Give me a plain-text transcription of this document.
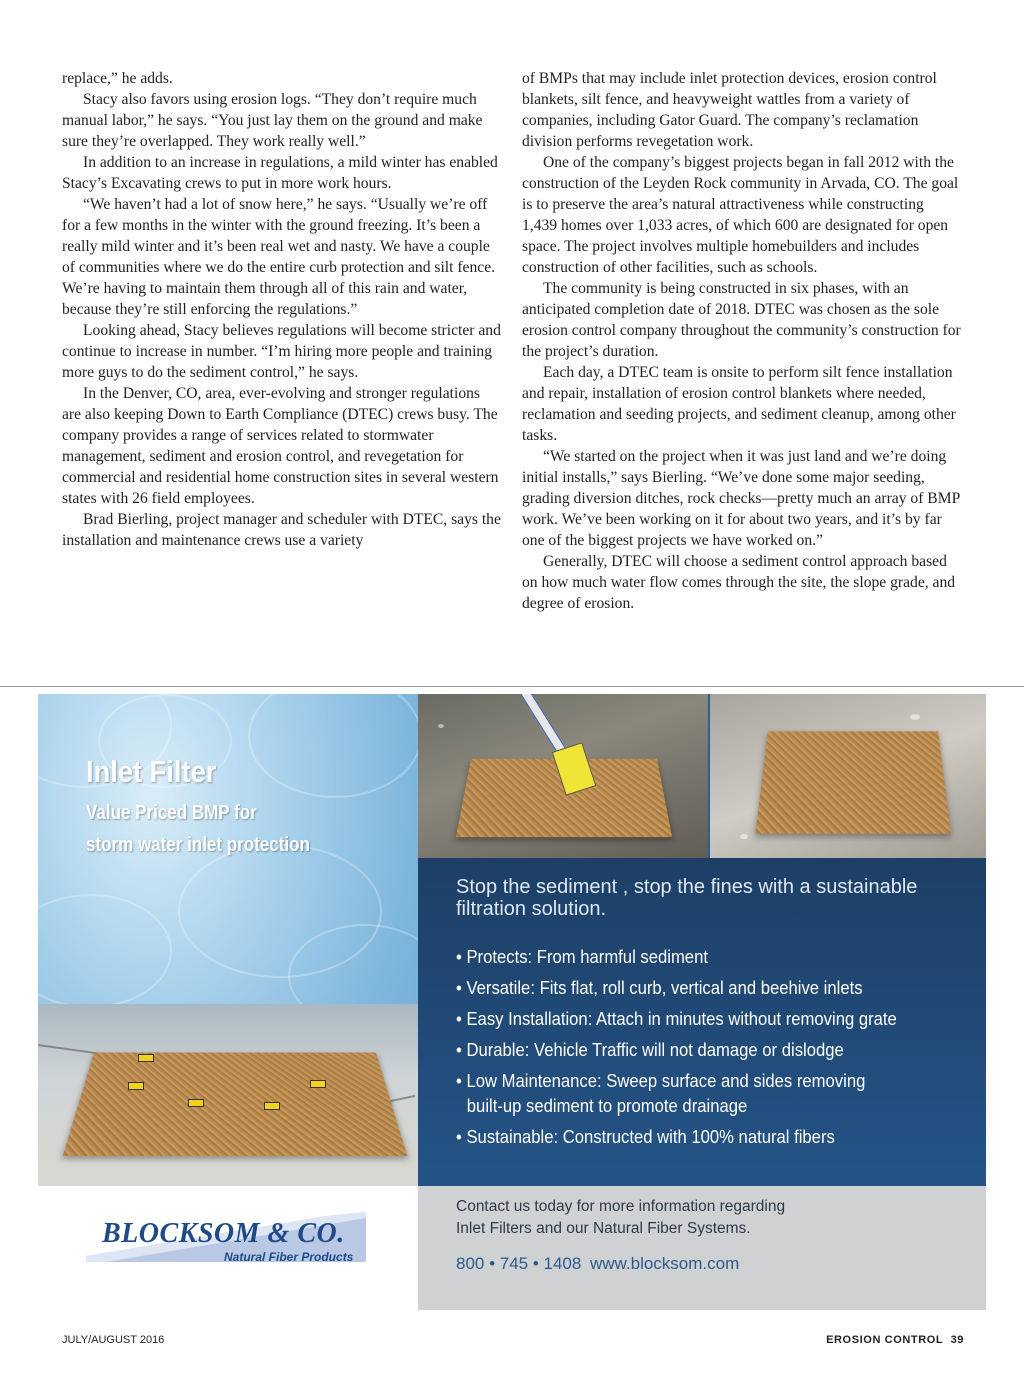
replace,” he adds.

Stacy also favors using erosion logs. “They don’t require much manual labor,” he says. “You just lay them on the ground and make sure they’re overlapped. They work really well.”

In addition to an increase in regulations, a mild winter has enabled Stacy’s Excavating crews to put in more work hours.

“We haven’t had a lot of snow here,” he says. “Usually we’re off for a few months in the winter with the ground freezing. It’s been a really mild winter and it’s been real wet and nasty. We have a couple of communities where we do the entire curb protection and silt fence. We’re having to maintain them through all of this rain and water, because they’re still enforcing the regulations.”

Looking ahead, Stacy believes regulations will become stricter and continue to increase in number. “I’m hiring more people and training more guys to do the sediment control,” he says.

In the Denver, CO, area, ever-evolving and stronger regulations are also keeping Down to Earth Compliance (DTEC) crews busy. The company provides a range of services related to stormwater management, sediment and erosion control, and revegetation for commercial and residential home construction sites in several western states with 26 field employees.

Brad Bierling, project manager and scheduler with DTEC, says the installation and maintenance crews use a variety

of BMPs that may include inlet protection devices, erosion control blankets, silt fence, and heavyweight wattles from a variety of companies, including Gator Guard. The company’s reclamation division performs revegetation work.

One of the company’s biggest projects began in fall 2012 with the construction of the Leyden Rock community in Arvada, CO. The goal is to preserve the area’s natural attractiveness while constructing 1,439 homes over 1,033 acres, of which 600 are designated for open space. The project involves multiple homebuilders and includes construction of other facilities, such as schools.

The community is being constructed in six phases, with an anticipated completion date of 2018. DTEC was chosen as the sole erosion control company throughout the community’s construction for the project’s duration.

Each day, a DTEC team is onsite to perform silt fence installation and repair, installation of erosion control blankets where needed, reclamation and seeding projects, and sediment cleanup, among other tasks.

“We started on the project when it was just land and we’re doing initial installs,” says Bierling. “We’ve done some major seeding, grading diversion ditches, rock checks—pretty much an array of BMP work. We’ve been working on it for about two years, and it’s by far one of the biggest projects we have worked on.”

Generally, DTEC will choose a sediment control approach based on how much water flow comes through the site, the slope grade, and degree of erosion.

Inlet Filter
Value Priced BMP for
storm water inlet protection

Stop the sediment , stop the fines with a sustainable filtration solution.

• Protects: From harmful sediment
• Versatile: Fits flat, roll curb, vertical and beehive inlets
• Easy Installation: Attach in minutes without removing grate
• Durable: Vehicle Traffic will not damage or dislodge
• Low Maintenance: Sweep surface and sides removing
built-up sediment to promote drainage
• Sustainable: Constructed with 100% natural fibers

BLOCKSOM & CO.

Natural Fiber Products

Contact us today for more information regarding

Inlet Filters and our Natural Fiber Systems.

800 • 745 • 1408 www.blocksom.com

JULY/AUGUST 2016	EROSION CONTROL 39
